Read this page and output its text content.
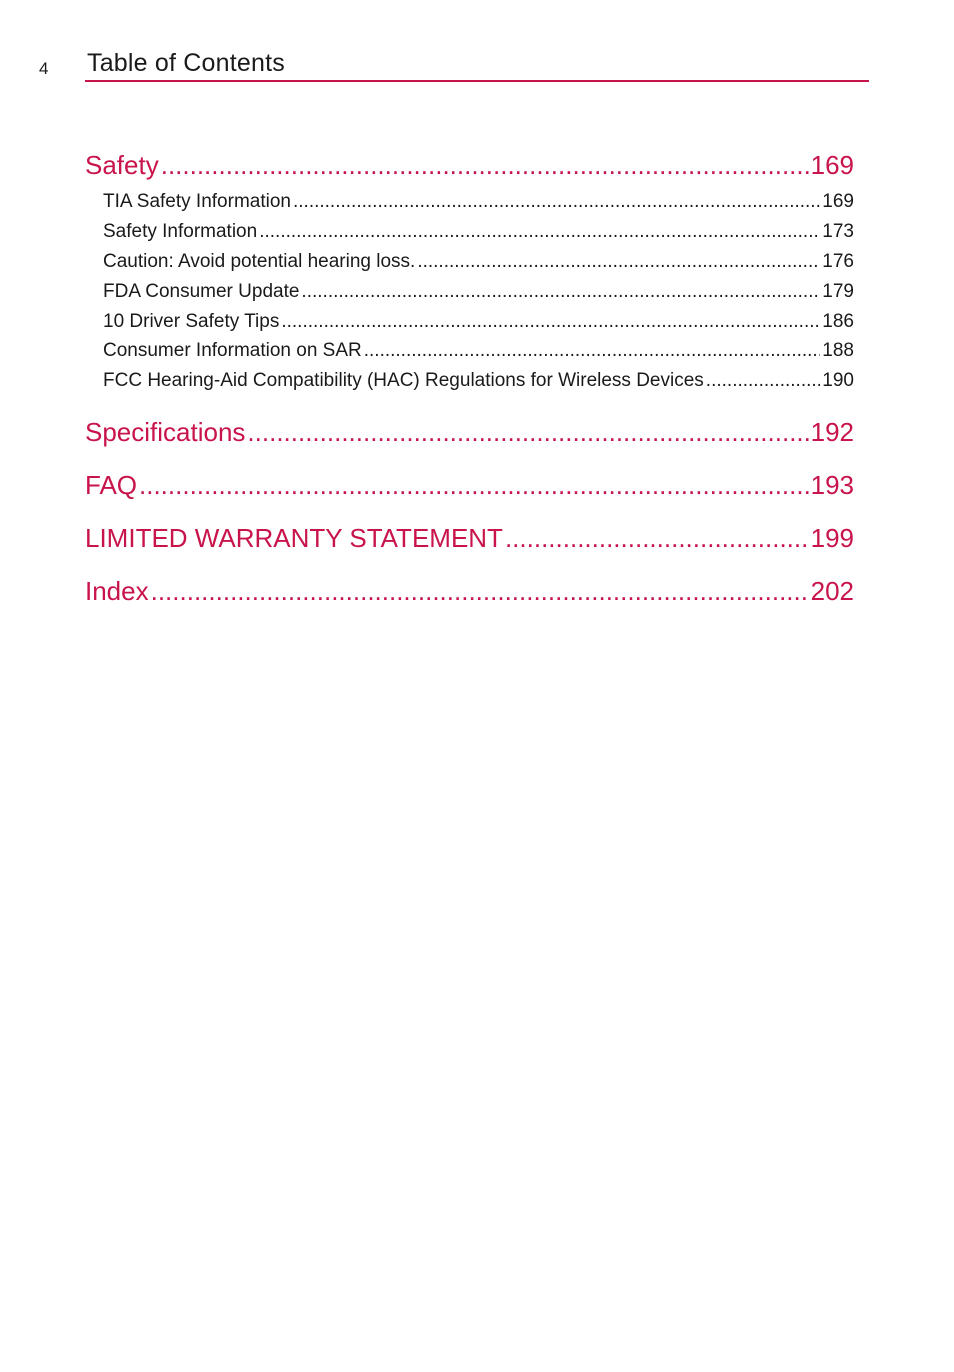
4 Table of Contents
Safety .....	169
TIA Safety Information .....	169
Safety Information .....	173
Caution: Avoid potential hearing loss. .....	176
FDA Consumer Update .....	179
10 Driver Safety Tips .....	186
Consumer Information on SAR .....	188
FCC Hearing-Aid Compatibility (HAC) Regulations for Wireless Devices .....	190
Specifications .....	192
FAQ .....	193
LIMITED WARRANTY STATEMENT .....	199
Index .....	202
